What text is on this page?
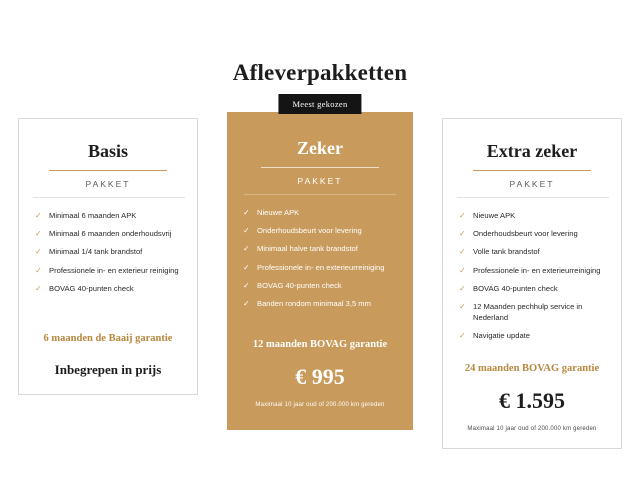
Afleverpakketten
Basis
PAKKET
✓ Minimaal 6 maanden APK
✓ Minimaal 6 maanden onderhoudsvrij
✓ Minimaal 1/4 tank brandstof
✓ Professionele in- en exterieur reiniging
✓ BOVAG 40-punten check
6 maanden de Baaij garantie
Inbegrepen in prijs
Meest gekozen
Zeker
PAKKET
✓ Nieuwe APK
✓ Onderhoudsbeurt voor levering
✓ Minimaal halve tank brandstof
✓ Professionele in- en exterieurreiniging
✓ BOVAG 40-punten check
✓ Banden rondom minimaal 3,5 mm
12 maanden BOVAG garantie
€ 995
Maximaal 10 jaar oud of 200.000 km gereden
Extra zeker
PAKKET
✓ Nieuwe APK
✓ Onderhoudsbeurt voor levering
✓ Volle tank brandstof
✓ Professionele in- en exterieurreiniging
✓ BOVAG 40-punten check
✓ 12 Maanden pechhulp service in Nederland
✓ Navigatie update
24 maanden BOVAG garantie
€ 1.595
Maximaal 10 jaar oud of 200.000 km gereden
